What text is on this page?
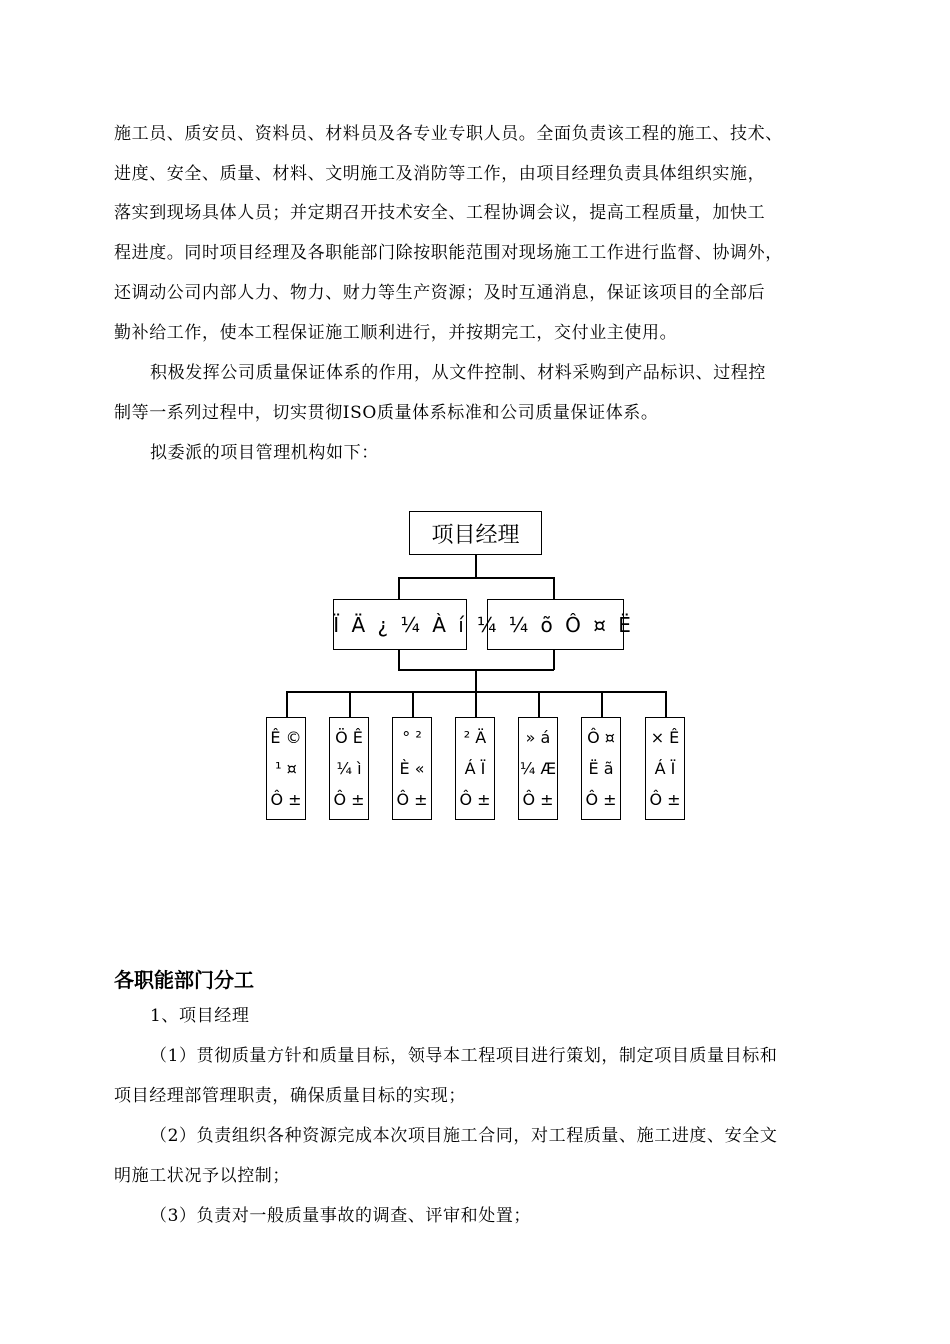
施工员、质安员、资料员、材料员及各专业专职人员。全面负责该工程的施工、技术、
进度、安全、质量、材料、文明施工及消防等工作，由项目经理负责具体组织实施，
落实到现场具体人员；并定期召开技术安全、工程协调会议，提高工程质量，加快工
程进度。同时项目经理及各职能部门除按职能范围对现场施工工作进行监督、协调外，
还调动公司内部人力、物力、财力等生产资源；及时互通消息，保证该项目的全部后
勤补给工作，使本工程保证施工顺利进行，并按期完工，交付业主使用。
积极发挥公司质量保证体系的作用，从文件控制、材料采购到产品标识、过程控
制等一系列过程中，切实贯彻ISO质量体系标准和公司质量保证体系。
拟委派的项目管理机构如下：
项目经理
Ï Ä ¿ ¼ À í ¼ ¼ õ Ô ¤ Ë
Ê ©
¹ ¤
Ô ±
Ö Ê
¼ ì
Ô ±
° ²
È «
Ô ±
² Ä
Á Ï
Ô ±
» á
¼ Æ
Ô ±
Ô ¤
Ë ã
Ô ±
× Ê
Á Ï
Ô ±
各职能部门分工
1、项目经理
（1）贯彻质量方针和质量目标，领导本工程项目进行策划，制定项目质量目标和
项目经理部管理职责，确保质量目标的实现；
（2）负责组织各种资源完成本次项目施工合同，对工程质量、施工进度、安全文
明施工状况予以控制；
（3）负责对一般质量事故的调查、评审和处置；
